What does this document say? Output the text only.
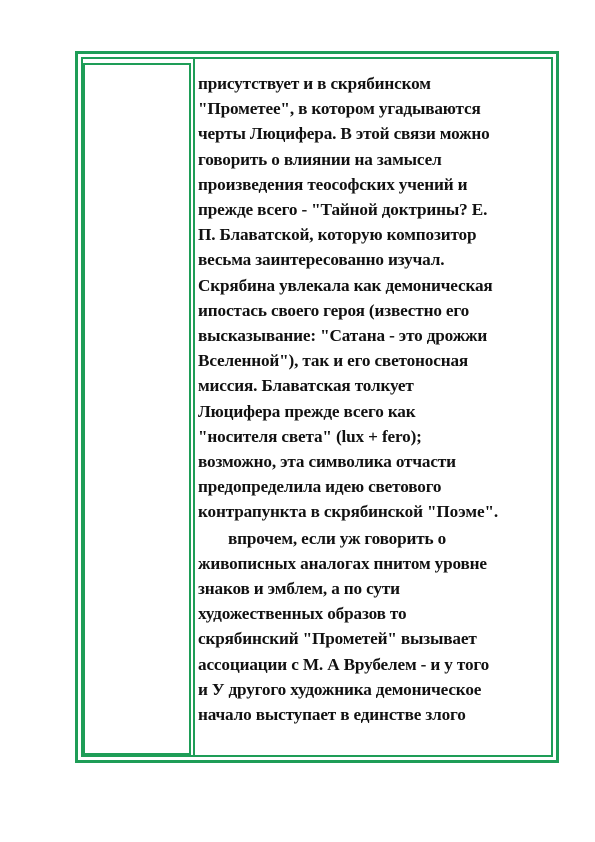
присутствует и в скрябинском
"Прометее", в котором угадываются
черты Люцифера. В этой связи можно
говорить о влиянии на замысел
произведения теософских учений и
прежде всего - "Тайной доктрины? Е.
П. Блаватской, которую композитор
весьма заинтересованно изучал.
Скрябина увлекала как демоническая
ипостась своего героя (известно его
высказывание: "Сатана - это дрожжи
Вселенной"), так и его светоносная
миссия. Блаватская толкует
Люцифера прежде всего как
"носителя света" (lux + fero);
возможно, эта символика отчасти
предопределила идею светового
контрапункта в скрябинской "Поэме".

впрочем, если уж говорить о
живописных аналогах пнитом уровне
знаков и эмблем, а по сути
художественных образов то
скрябинский "Прометей" вызывает
ассоциации с М. А Врубелем - и у того
и У другого художника демоническое
начало выступает в единстве злого
